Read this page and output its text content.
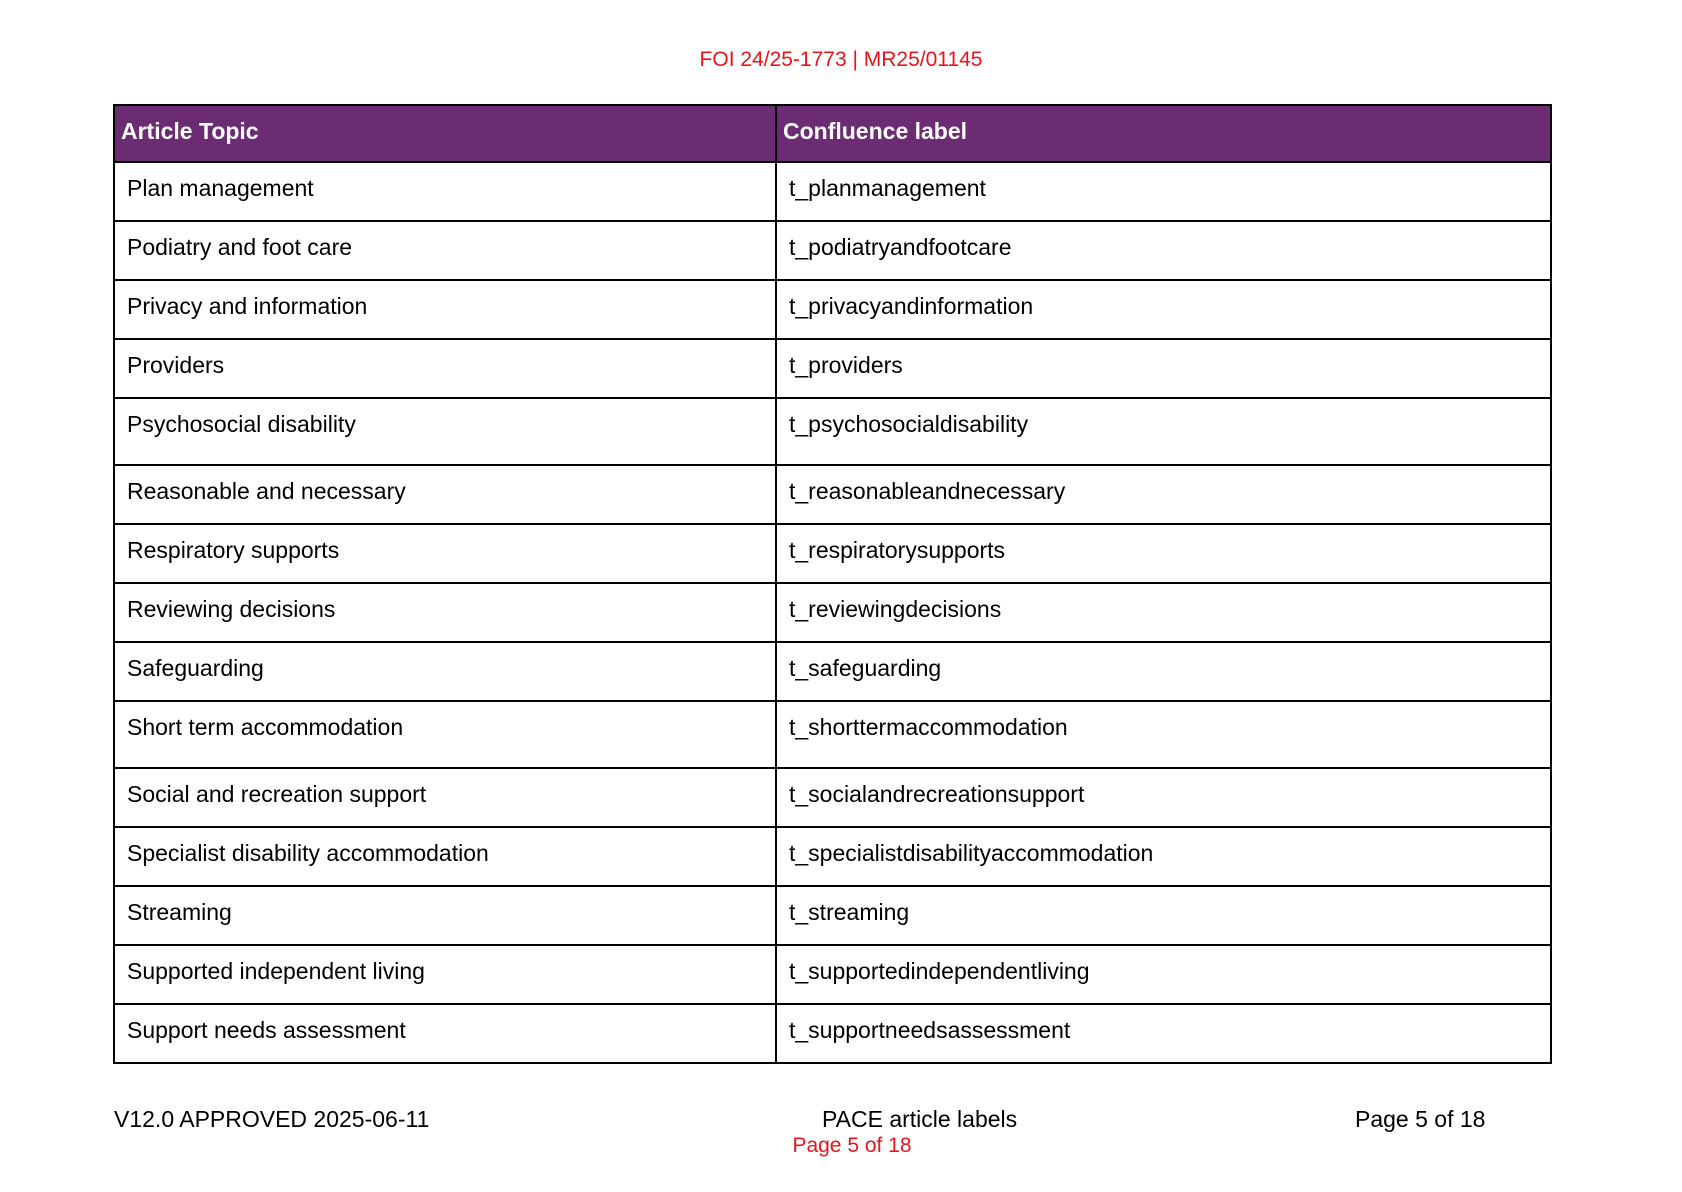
FOI 24/25-1773 | MR25/01145
Article Topic	Confluence label
Plan management	t_planmanagement
Podiatry and foot care	t_podiatryandfootcare
Privacy and information	t_privacyandinformation
Providers	t_providers
Psychosocial disability	t_psychosocialdisability
Reasonable and necessary	t_reasonableandnecessary
Respiratory supports	t_respiratorysupports
Reviewing decisions	t_reviewingdecisions
Safeguarding	t_safeguarding
Short term accommodation	t_shorttermaccommodation
Social and recreation support	t_socialandrecreationsupport
Specialist disability accommodation	t_specialistdisabilityaccommodation
Streaming	t_streaming
Supported independent living	t_supportedindependentliving
Support needs assessment	t_supportneedsassessment
V12.0 APPROVED 2025-06-11	PACE article labels	Page 5 of 18
Page 5 of 18
